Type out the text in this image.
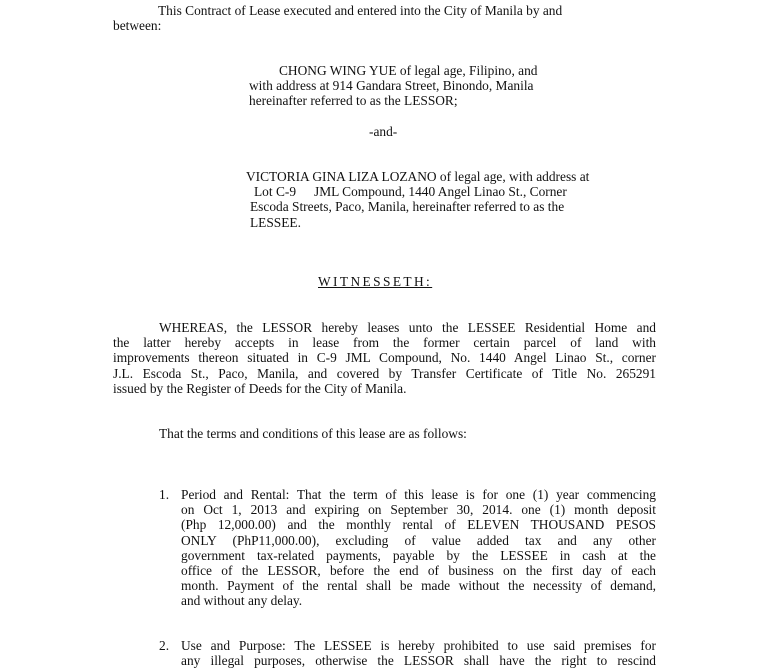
This Contract of Lease executed and entered into the City of Manila by and
between:
CHONG WING YUE of legal age, Filipino, and
with address at 914 Gandara Street, Binondo, Manila
hereinafter referred to as the LESSOR;
-and-
VICTORIA GINA LIZA LOZANO of legal age, with address at
Lot C-9 JML Compound, 1440 Angel Linao St., Corner
Escoda Streets, Paco, Manila, hereinafter referred to as the
LESSEE.
WITNESSETH:
WHEREAS, the LESSOR hereby leases unto the LESSEE Residential Home and
the latter hereby accepts in lease from the former certain parcel of land with
improvements thereon situated in C-9 JML Compound, No. 1440 Angel Linao St., corner
J.L. Escoda St., Paco, Manila, and covered by Transfer Certificate of Title No. 265291
issued by the Register of Deeds for the City of Manila.
That the terms and conditions of this lease are as follows:
1. Period and Rental: That the term of this lease is for one (1) year commencing
on Oct 1, 2013 and expiring on September 30, 2014. one (1) month deposit
(Php 12,000.00) and the monthly rental of ELEVEN THOUSAND PESOS
ONLY (PhP11,000.00), excluding of value added tax and any other
government tax-related payments, payable by the LESSEE in cash at the
office of the LESSOR, before the end of business on the first day of each
month. Payment of the rental shall be made without the necessity of demand,
and without any delay.
2. Use and Purpose: The LESSEE is hereby prohibited to use said premises for
any illegal purposes, otherwise the LESSOR shall have the right to rescind
